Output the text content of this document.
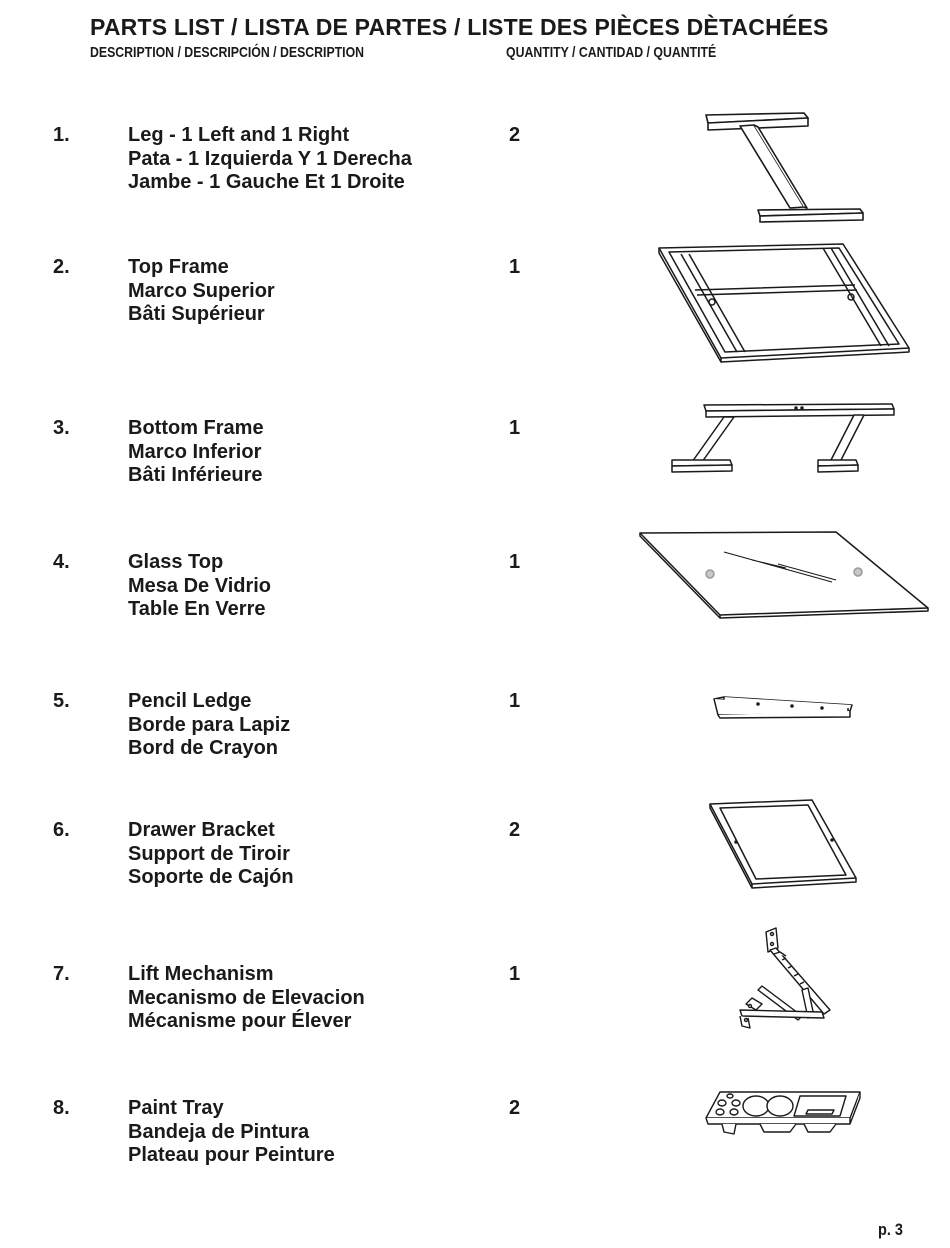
PARTS LIST / LISTA DE PARTES / LISTE DES PIÈCES DÈTACHÉES
DESCRIPTION / DESCRIPCIÓN / DESCRIPTION	QUANTITY / CANTIDAD / QUANTITÉ
1.	Leg - 1 Left and 1 Right
Pata - 1 Izquierda Y 1 Derecha
Jambe - 1 Gauche Et 1 Droite
2
2.	Top Frame
Marco Superior
Bâti Supérieur
1
3.	Bottom Frame
Marco Inferior
Bâti Inférieure
1
4.	Glass Top
Mesa De Vidrio
Table En Verre
1
5.	Pencil Ledge
Borde para Lapiz
Bord de Crayon
1
6.	Drawer Bracket
Support de Tiroir
Soporte de Cajón
2
7.	Lift Mechanism
Mecanismo de Elevacion
Mécanisme pour Élever
1
8.	Paint Tray
Bandeja de Pintura
Plateau pour Peinture
2
p. 3
